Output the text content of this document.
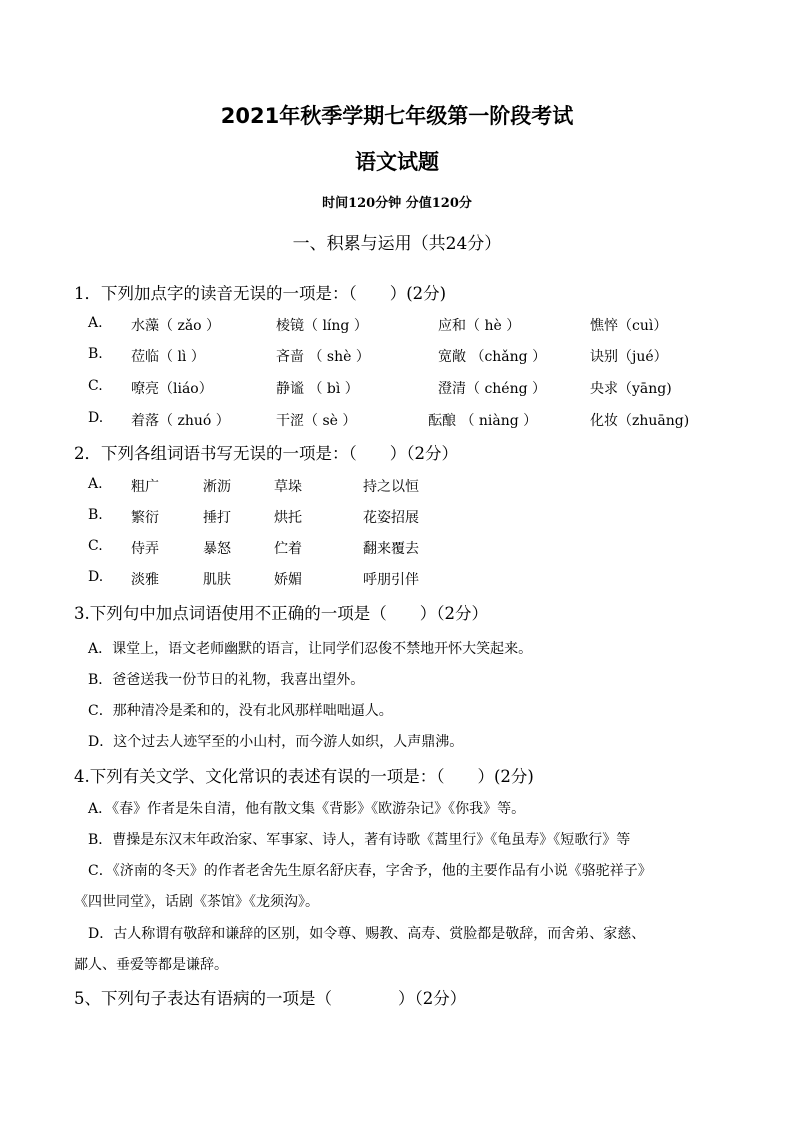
2021年秋季学期七年级第一阶段考试
语文试题
时间120分钟 分值120分
一、积累与运用（共24分）
1．下列加点字的读音无误的一项是：（　　）(2分)
A. 水藻（ zǎo ）	棱镜（ líng ）	应和（ hè ）	憔悴（cuì）
B. 莅临（ lì ）	吝啬 （ shè ）	宽敞 （chǎng ）	诀别（jué）
C. 嘹亮（liáo）	静谧 （ bì ）	澄清（ chéng ）	央求（yāng)
D. 着落（ zhuó ）	干涩（ sè ）	酝酿 （ niàng ）	化妆（zhuāng)
2．下列各组词语书写无误的一项是：（　　）（2分）
A. 粗广	淅沥	草垛	持之以恒
B. 繁衍	捶打	烘托	花姿招展
C. 侍弄	暴怒	伫着	翻来覆去
D. 淡雅	肌肤	娇媚	呼朋引伴
3.下列句中加点词语使用不正确的一项是（　　）（2分）
A．课堂上，语文老师幽默的语言，让同学们忍俊不禁地开怀大笑起来。
B．爸爸送我一份节日的礼物，我喜出望外。
C．那种清冷是柔和的，没有北风那样咄咄逼人。
D．这个过去人迹罕至的小山村，而今游人如织，人声鼎沸。
4.下列有关文学、文化常识的表述有误的一项是：（　　）(2分)
A．《春》作者是朱自清，他有散文集《背影》《欧游杂记》《你我》等。
B．曹操是东汉末年政治家、军事家、诗人，著有诗歌《蒿里行》《龟虽寿》《短歌行》等
C．《济南的冬天》的作者老舍先生原名舒庆春，字舍予，他的主要作品有小说《骆驼祥子》
《四世同堂》，话剧《茶馆》《龙须沟》。
D．古人称谓有敬辞和谦辞的区别，如令尊、赐教、高寿、赏脸都是敬辞，而舍弟、家慈、
鄙人、垂爱等都是谦辞。
5、下列句子表达有语病的一项是（　　　　）（2分）
